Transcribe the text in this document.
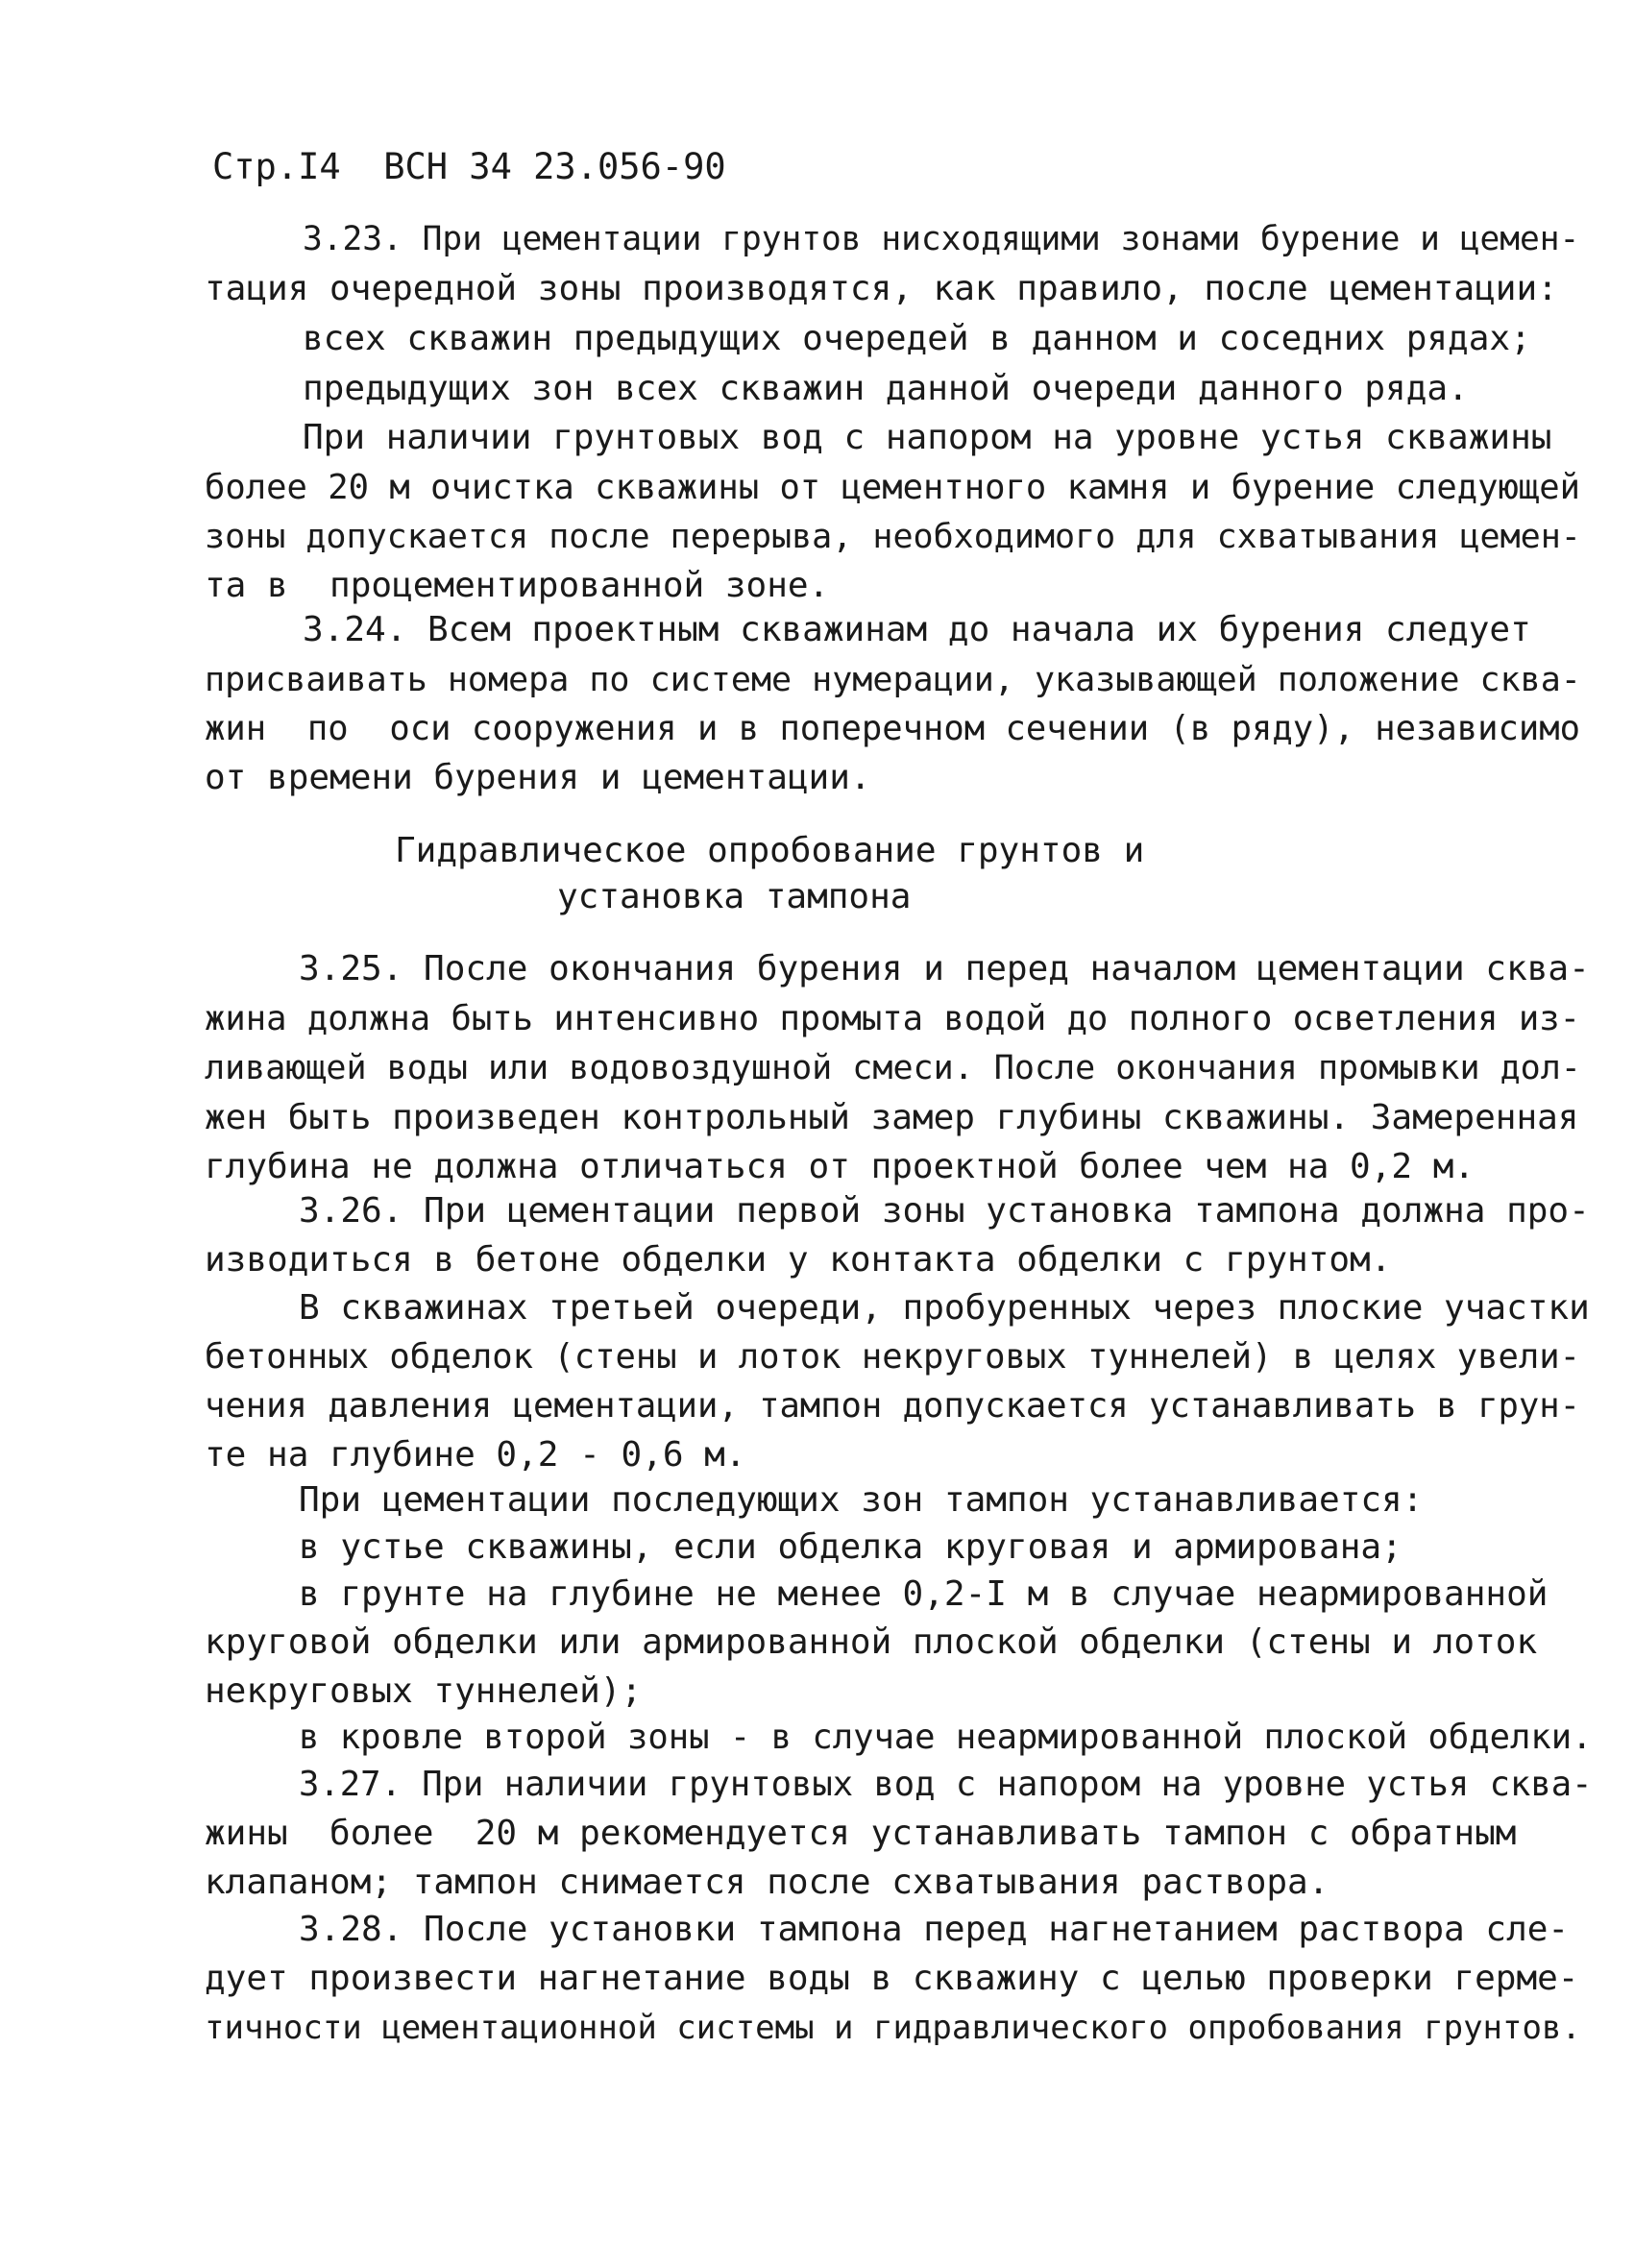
Стр.I4  ВСН 34 23.056-90
3.23. При цементации грунтов нисходящими зонами бурение и цемен-
тация очередной зоны производятся, как правило, после цементации:
всех скважин предыдущих очередей в данном и соседних рядах;
предыдущих зон всех скважин данной очереди данного ряда.
При наличии грунтовых вод с напором на уровне устья скважины
более 20 м очистка скважины от цементного камня и бурение следующей
зоны допускается после перерыва, необходимого для схватывания цемен-
та в  процементированной зоне.
3.24. Всем проектным скважинам до начала их бурения следует
присваивать номера по системе нумерации, указывающей положение сква-
жин  по  оси сооружения и в поперечном сечении (в ряду), независимо
от времени бурения и цементации.
Гидравлическое опробование грунтов и
установка тампона
3.25. После окончания бурения и перед началом цементации сква-
жина должна быть интенсивно промыта водой до полного осветления из-
ливающей воды или водовоздушной смеси. После окончания промывки дол-
жен быть произведен контрольный замер глубины скважины. Замеренная
глубина не должна отличаться от проектной более чем на 0,2 м.
3.26. При цементации первой зоны установка тампона должна про-
изводиться в бетоне обделки у контакта обделки с грунтом.
В скважинах третьей очереди, пробуренных через плоские участки
бетонных обделок (стены и лоток некруговых туннелей) в целях увели-
чения давления цементации, тампон допускается устанавливать в грун-
те на глубине 0,2 - 0,6 м.
При цементации последующих зон тампон устанавливается:
в устье скважины, если обделка круговая и армирована;
в грунте на глубине не менее 0,2-I м в случае неармированной
круговой обделки или армированной плоской обделки (стены и лоток
некруговых туннелей);
в кровле второй зоны - в случае неармированной плоской обделки.
3.27. При наличии грунтовых вод с напором на уровне устья сква-
жины  более  20 м рекомендуется устанавливать тампон с обратным
клапаном; тампон снимается после схватывания раствора.
3.28. После установки тампона перед нагнетанием раствора сле-
дует произвести нагнетание воды в скважину с целью проверки герме-
тичности цементационной системы и гидравлического опробования грунтов.
